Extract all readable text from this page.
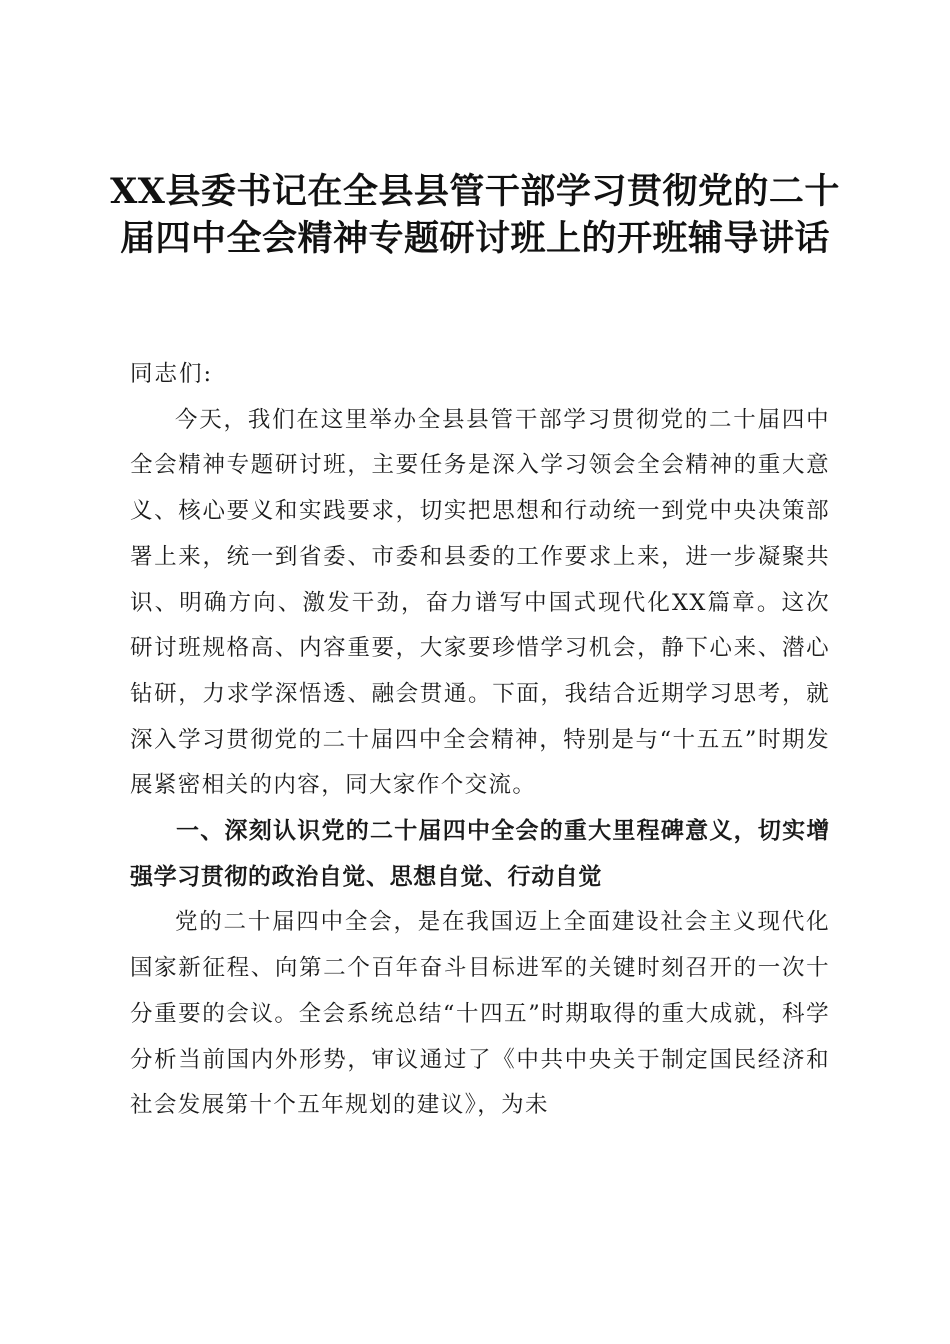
XX县委书记在全县县管干部学习贯彻党的二十届四中全会精神专题研讨班上的开班辅导讲话

同志们:

今天，我们在这里举办全县县管干部学习贯彻党的二十届四中全会精神专题研讨班，主要任务是深入学习领会全会精神的重大意义、核心要义和实践要求，切实把思想和行动统一到党中央决策部署上来，统一到省委、市委和县委的工作要求上来，进一步凝聚共识、明确方向、激发干劲，奋力谱写中国式现代化XX篇章。这次研讨班规格高、内容重要，大家要珍惜学习机会，静下心来、潜心钻研，力求学深悟透、融会贯通。下面，我结合近期学习思考，就深入学习贯彻党的二十届四中全会精神，特别是与“十五五”时期发展紧密相关的内容，同大家作个交流。

一、深刻认识党的二十届四中全会的重大里程碑意义，切实增强学习贯彻的政治自觉、思想自觉、行动自觉

党的二十届四中全会，是在我国迈上全面建设社会主义现代化国家新征程、向第二个百年奋斗目标进军的关键时刻召开的一次十分重要的会议。全会系统总结“十四五”时期取得的重大成就，科学分析当前国内外形势，审议通过了《中共中央关于制定国民经济和社会发展第十个五年规划的建议》，为未
